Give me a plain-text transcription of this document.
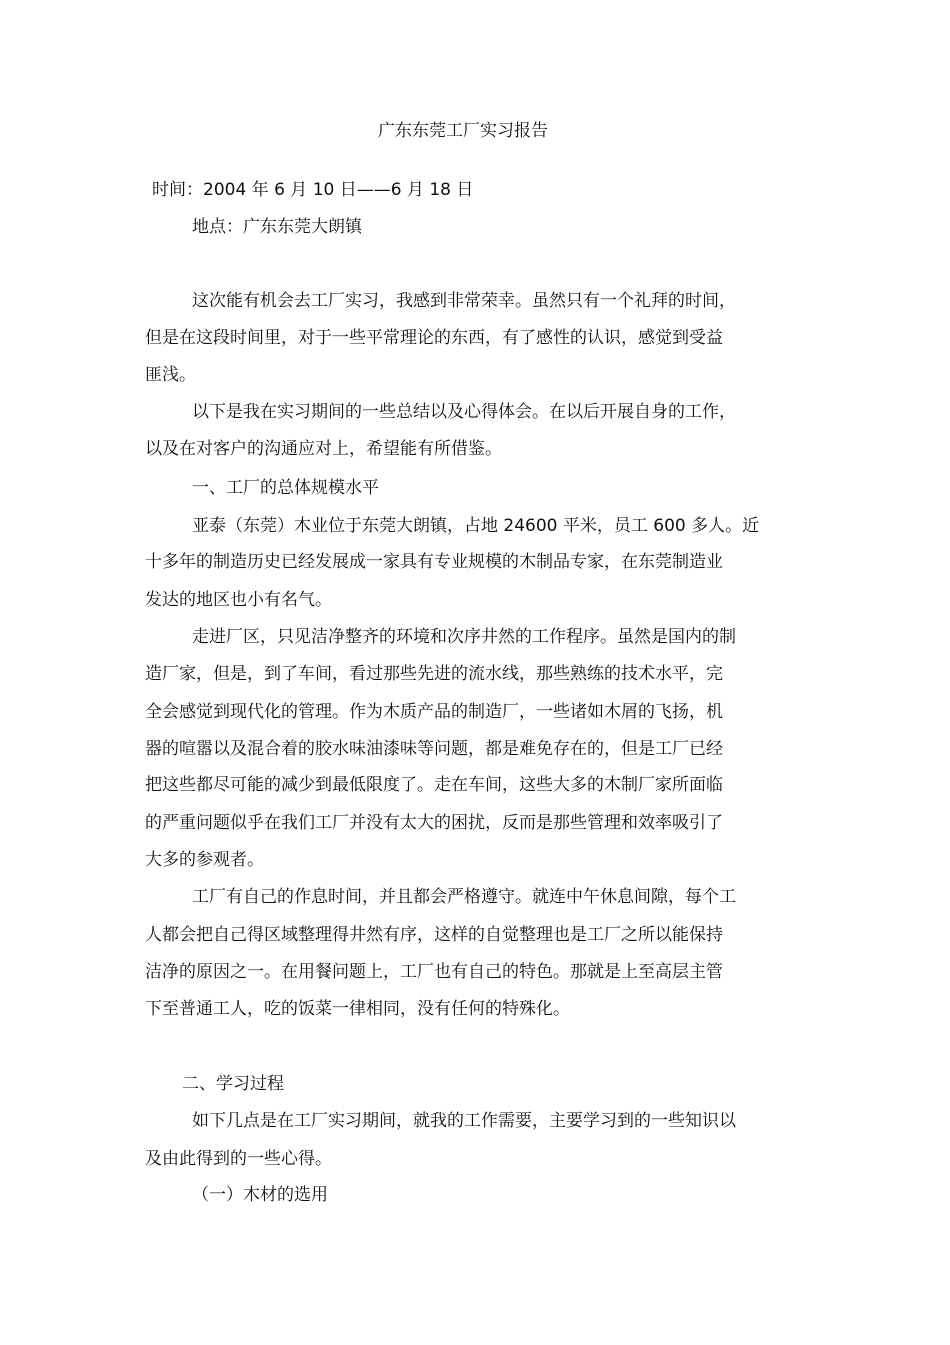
广东东莞工厂实习报告
时间：2004 年 6 月 10 日——6 月 18 日
地点：广东东莞大朗镇
这次能有机会去工厂实习，我感到非常荣幸。虽然只有一个礼拜的时间，
但是在这段时间里，对于一些平常理论的东西，有了感性的认识，感觉到受益
匪浅。
以下是我在实习期间的一些总结以及心得体会。在以后开展自身的工作，
以及在对客户的沟通应对上，希望能有所借鉴。
一、工厂的总体规模水平
亚泰（东莞）木业位于东莞大朗镇，占地 24600 平米，员工 600 多人。近
十多年的制造历史已经发展成一家具有专业规模的木制品专家，在东莞制造业
发达的地区也小有名气。
走进厂区，只见洁净整齐的环境和次序井然的工作程序。虽然是国内的制
造厂家，但是，到了车间，看过那些先进的流水线，那些熟练的技术水平，完
全会感觉到现代化的管理。作为木质产品的制造厂，一些诸如木屑的飞扬，机
器的喧嚣以及混合着的胶水味油漆味等问题，都是难免存在的，但是工厂已经
把这些都尽可能的减少到最低限度了。走在车间，这些大多的木制厂家所面临
的严重问题似乎在我们工厂并没有太大的困扰，反而是那些管理和效率吸引了
大多的参观者。
工厂有自己的作息时间，并且都会严格遵守。就连中午休息间隙，每个工
人都会把自己得区域整理得井然有序，这样的自觉整理也是工厂之所以能保持
洁净的原因之一。在用餐问题上，工厂也有自己的特色。那就是上至高层主管
下至普通工人，吃的饭菜一律相同，没有任何的特殊化。
二、学习过程
如下几点是在工厂实习期间，就我的工作需要，主要学习到的一些知识以
及由此得到的一些心得。
（一）木材的选用
